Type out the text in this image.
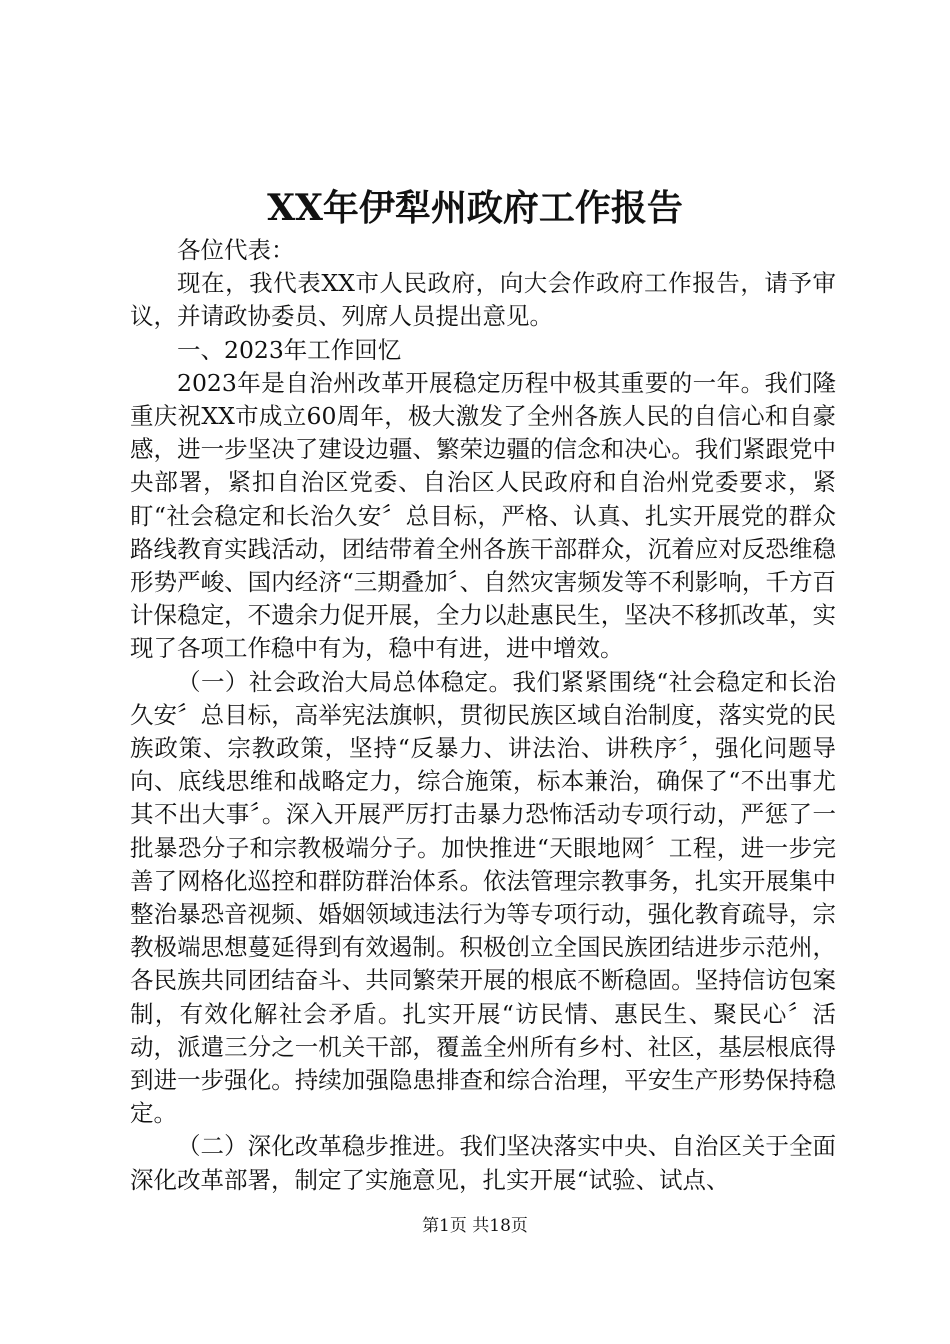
XX年伊犁州政府工作报告

各位代表：

现在，我代表XX市人民政府，向大会作政府工作报告，请予审议，并请政协委员、列席人员提出意见。

一、2023年工作回忆

2023年是自治州改革开展稳定历程中极其重要的一年。我们隆重庆祝XX市成立60周年，极大激发了全州各族人民的自信心和自豪感，进一步坚决了建设边疆、繁荣边疆的信念和决心。我们紧跟党中央部署，紧扣自治区党委、自治区人民政府和自治州党委要求，紧盯“社会稳定和长治久安〞总目标，严格、认真、扎实开展党的群众路线教育实践活动，团结带着全州各族干部群众，沉着应对反恐维稳形势严峻、国内经济“三期叠加〞、自然灾害频发等不利影响，千方百计保稳定，不遗余力促开展，全力以赴惠民生，坚决不移抓改革，实现了各项工作稳中有为，稳中有进，进中增效。

（一）社会政治大局总体稳定。我们紧紧围绕“社会稳定和长治久安〞总目标，高举宪法旗帜，贯彻民族区域自治制度，落实党的民族政策、宗教政策，坚持“反暴力、讲法治、讲秩序〞，强化问题导向、底线思维和战略定力，综合施策，标本兼治，确保了“不出事尤其不出大事〞。深入开展严厉打击暴力恐怖活动专项行动，严惩了一批暴恐分子和宗教极端分子。加快推进“天眼地网〞工程，进一步完善了网格化巡控和群防群治体系。依法管理宗教事务，扎实开展集中整治暴恐音视频、婚姻领域违法行为等专项行动，强化教育疏导，宗教极端思想蔓延得到有效遏制。积极创立全国民族团结进步示范州，各民族共同团结奋斗、共同繁荣开展的根底不断稳固。坚持信访包案制，有效化解社会矛盾。扎实开展“访民情、惠民生、聚民心〞活动，派遣三分之一机关干部，覆盖全州所有乡村、社区，基层根底得到进一步强化。持续加强隐患排查和综合治理，平安生产形势保持稳定。

（二）深化改革稳步推进。我们坚决落实中央、自治区关于全面深化改革部署，制定了实施意见，扎实开展“试验、试点、

第1页 共18页
